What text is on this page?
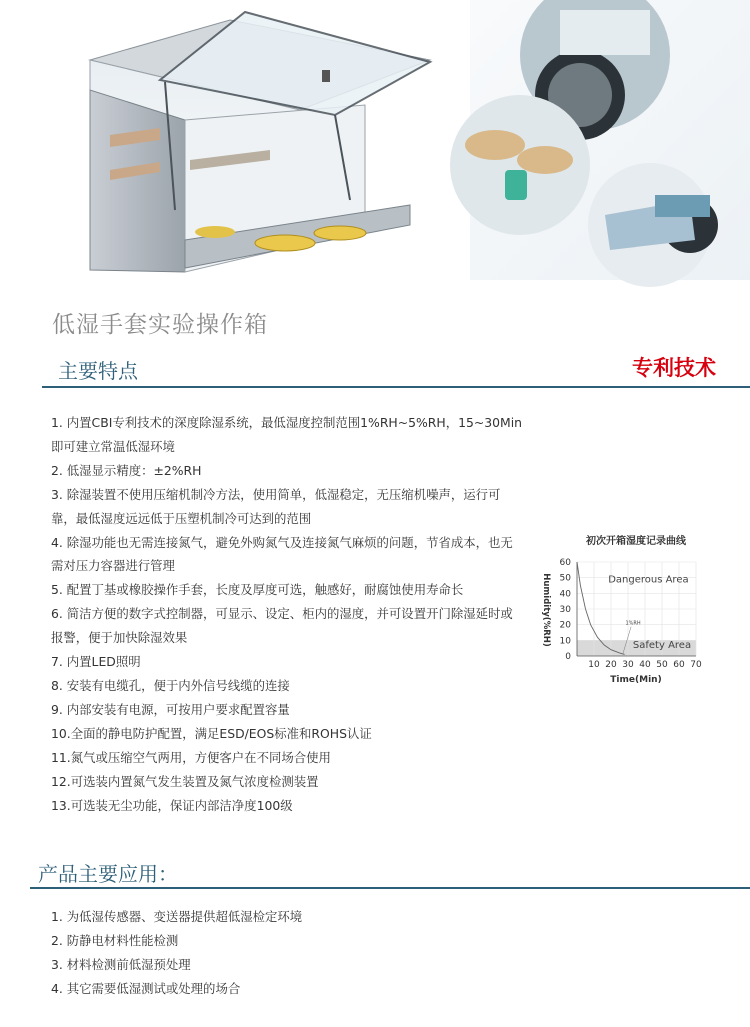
低湿手套实验操作箱
主要特点	专利技术
1. 内置CBI专利技术的深度除湿系统，最低湿度控制范围1%RH~5%RH，15~30Min
即可建立常温低湿环境
2. 低湿显示精度：±2%RH
3. 除湿装置不使用压缩机制冷方法，使用简单，低湿稳定，无压缩机噪声，运行可
靠，最低湿度远远低于压塑机制冷可达到的范围
4. 除湿功能也无需连接氮气，避免外购氮气及连接氮气麻烦的问题，节省成本，也无
需对压力容器进行管理
5. 配置丁基或橡胶操作手套，长度及厚度可选，触感好，耐腐蚀使用寿命长
6. 简洁方便的数字式控制器，可显示、设定、柜内的湿度，并可设置开门除湿延时或
报警，便于加快除湿效果
7. 内置LED照明
8. 安装有电缆孔，便于内外信号线缆的连接
9. 内部安装有电源，可按用户要求配置容量
10.全面的静电防护配置，满足ESD/EOS标准和ROHS认证
11.氮气或压缩空气两用，方便客户在不同场合使用
12.可选装内置氮气发生装置及氮气浓度检测装置
13.可选装无尘功能，保证内部洁净度100级
初次开箱湿度记录曲线
0
10
20
30
40
50
60
10 20 30 40 50 60 70
Time(Min)
Humidity(%RH)	Dangerous Area
1%RH
Safety Area
产品主要应用：
1. 为低湿传感器、变送器提供超低湿检定环境
2. 防静电材料性能检测
3. 材料检测前低湿预处理
4. 其它需要低湿测试或处理的场合
